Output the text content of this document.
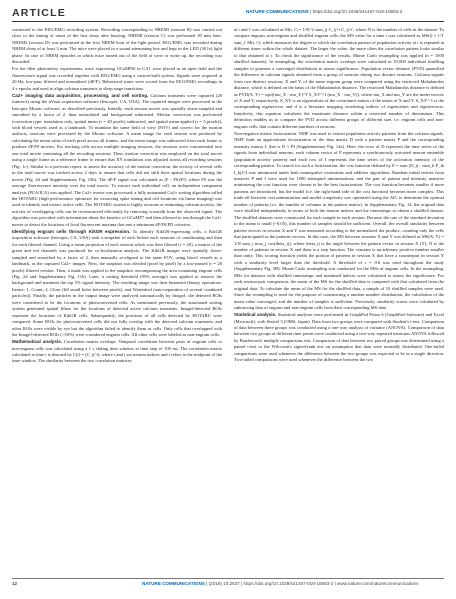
ARTICLE	NATURE COMMUNICATIONS | https://doi.org/10.1038/s41467-019-10683-2

connected to the EEG/EMG recording system. Recording corresponding to NREMl (session B) was carried out close to the timing of onset of the first sleep after burying. NREMl (session C) was performed 30 min later; NREM3 (session D) was performed in the first NREM bout of the light period. EEG/EMG was recorded during NREM sleep of at least 3 min. The mice were placed in a sound attenuating box and kept in the LED (30 lx) light phase. In case of NREM episodes in which mice turned out of the field of view or woke up, the recording was discarded.

For the fiber photometry experiments, mice expressing GCaMP6f in CA1 were placed in an open field and the fluorescence signal was recorded together with EEG/EMG using a custom-built system. Signals were acquired at 20 Hz, low-pass filtered and normalized (dF/F). Behavioral states were scored from the EEG/EMG recordings in 4-s epochs and used to align calcium transients to sleep stage transitions.

Ca2+ imaging data acquisition, processing, and cell sorting. Calcium transients were captured (20 frames/s) using the nVista acquisition software (Inscopix, CA, USA). The captured images were processed in the Inscopix Mosaic software, as described previously. Initially, each session movie was spatially down-sampled and smoothed by a factor of 2, then normalized and background subtracted. Motion correction was performed (correction type: translation only, spatial mean (r = 20 pixels) subtracted, and spatial mean applied (r = 5 pixels)), with blood vessels used as a landmark. To maintain the same field of view (FOV) and correct for the motion artifacts, sessions were processed by the Mosaic software. A mean image for each session was produced by calculating the mean value of each pixel across all frames, and the mean image was subtracted from each frame to produce dF/F0 movies. For tracking cells across multiple imaging sessions, the sessions were concatenated into one total movie containing all the recording sessions. Then, motion correction was employed on the total movie using a single frame as a reference frame to ensure that XY translation was adjusted across all recording sessions (Fig. 1c). Similar to a previous report, to assess the accuracy of the motion correction, the activity of several cells in the total movie was tracked across 2 days to ensure that cells did not shift their spatial locations during the movie (Fig. 2d and Supplementary Fig. 10b). The dF/F signal was calculated as (F - F0)/F0, where F0 was the average fluorescence intensity over the total movie. To extract each individual cell, an independent component analysis (PCA/ICA) was applied. The Ca2+ movie was processed; a fully automated Ca2+ sorting algorithm called the HOTARU (high-performance optimizer for extracting spike timing and cell locations via linear imaging) was used to identify and extract active cells. The HOTARU system is highly accurate at estimating calcium activity; the activity of overlapping cells can be reconstructed efficiently by removing crosstalk from the observed signal. The algorithm was provided with information about the kinetics of GCaMP7 and then allowed to run through the Ca2+ movie to detect the locations of local fluorescent maxima that met a minimum dF/F0/PD criterion.

Identifying engram cells through KikGR expression. To identify KikGR-expressing cells, a KikGR acquisition software (Inscopix, CA, USA) took a snapshot of each before each sessions of conditioning and then for each filtered channel. Using a mean projection of each session which was then filtered (r = 20), a matrix of the green and red channels was produced for co-localization analysis. The KikGR images were spatially down-sampled and smoothed by a factor of 2, then manually re-aligned to the same FOV, using blood vessels as a landmark, as the captured Ca2+ images. Next, the snapshot was divided (pixel by pixel) by a low-passed (r = 20 pixels) filtered version. Then, a mask was applied to the snapshot, encompassing the area containing engram cells (Fig. 2d and Supplementary Fig. 11b). Later, a cutting threshold (95% average) was applied to remove the background and maintain the top 5% signal intensity. The resulting image was then binarized (binary operations: Iterate; 1, Count; 2, Close (fill small holes between pixels), and Watershed (auto-separation of several combined particles)). Finally, the particles in the output image were analyzed automatically by ImageJ; the detected ROIs were considered to be the locations of photoconverted cells. As mentioned previously, the automated sorting system generated spatial filters for the locations of detected active calcium transients. ImageJ-detected ROIs represent the locations of KikGR cells. Subsequently, the positions of all cells detected by HOTARU were compared. Some ROIs for photoconverted cells did not fully overlap with the detected calcium transients, and other ROIs were visible by eye but the algorithm failed to identify them as cells. Only cells that overlapped with the ImageJ-detected ROIs (>50%) were considered engram cells. All other cells were labeled as non-engram cells.

Mathematical analysis. Correlation matrix overlaps. Temporal correlation between pairs of engram cells or non-engram cells was calculated using a 1 s sliding time window at time step of 100 ms. The correlation matrix calculated at time t is denoted by C(t) = (C_ij^t), where i and j are neuron indices and t refers to the midpoint of the time window. The similarity between the two correlation matrices

at t and t' was calculated as M(t, t') = 1/N^2 sum_ij C_ij^t C_ij^t', where N is the number of cells in the dataset. To compare engram, non-engram and shuffled engram cells, the MS value for a time t was calculated as MS(t) = 1/T sum_t' M(t, t'), which measures the degree to which the correlation pattern of population activity at t is repeated at different times within the whole dataset. The larger the value, the more often the correlation pattern looks similar to that obtained at t. To check the significance of the results, Monte Carlo resampling was applied (n = 1000 shuffled datasets). In resampling, the correlation matrix overlaps were calculated in 10,000 individual shuffling samples to generate a converged distribution to assess significance. Population vector distance (PVD) quantified the difference in calcium signals obtained from a group of neurons during two distinct sessions. Calcium signals from two-distinct sessions, X and Y, of the same engram group were compared using the restricted Mahalanobis distance, which is defined on the basis of the Mahalanobis distance. The restricted Mahalanobis distance is defined as PVD(X, Y) = sqrt((mu_X - mu_Y)^T S_XY^-1 (mu_X - mu_Y)), where mu_X and mu_Y are the mean vectors of X and Y, respectively, S_XY is an eigenvalues of the covariance matrix of the union of X and Y. S_XY^-1 is the corresponding eigenvector and d is a bivariate mapping reordering indices of eigenvalues and eigenvectors. Intuitively, this equation calculates the maximum distance within a restricted number of dimensions. This definition enables us to compare the PVD across different groups of different size, i.e. engram cells and non-engram cells, that contain different numbers of neurons.

Non-negative matrix factorization. NMF was used to extract population activity patterns from the calcium signals. NMF finds an approximate factorization of the data matrix D with a pattern matrix P and the corresponding intensity matrix I, that is D ≈ PI (Supplementary Fig. 14a). Here, the rows of D represent the time series of the signals from individual neurons, each column vector of P represents a synchronously activated neuron ensemble (population activity pattern) and each row of I represents the time series of the activation intensity of the corresponding pattern. To search for such a factorization, the cost function defined by E = sum (D_ij - sum_k P_ik I_kj)^2 was minimized under both nonnegative constraints and additive algorithms. Random initial entries from matrices P and I were used for 1000 attempted minimizations, and the pair of pattern and intensity matrices minimizing the cost function were chosen to be the best factorization. The cost function becomes smaller if more patterns are introduced, but the model (i.e. the right-hand side of the cost function) becomes more complex. This trade-off between cost minimization and model complexity was optimized using the AIC to determine the optimal number of patterns (i.e. the number of columns in the pattern matrix). In Supplementary Fig. 14, the original data were shuffled independently in terms of both the neuron indices and the timestamps to obtain a shuffled dataset. The shuffled datasets were constructed for each sample in each session. Because the rate of the standard deviation to the mean is small (~0.05), this number of samples should be sufficient. Overall, the overall similarity between pattern vectors in session X and Y was measured according to the normalized dot product, counting only the cells that participated as the patterns vectors. In this case, the MS between sessions X and Y was defined as MS(X, Y) = 1/N sum_i max_j cos(theta_ij), where theta_ij is the angle between the pattern vector in session X (Y), N is the number of patterns in session X and theta is a step function. The constant is an arbitrary positive number smaller than unity. This scoring function yields the portion of patterns in session X that have a counterpart in session Y with a similarity level larger than the threshold. A threshold of c = 0.6 was used throughout the study (Supplementary Fig. 5B). Monte Carlo resampling was conducted for the MSs of engram cells. In the resampling, MSs for datasets with shuffled timestamps and nontimed indices were calculated to assess the significance. For each session-pair comparison, the mean of the MS for the shuffled data is compared with that calculated from the original data. To calculate the mean of the MS for the shuffled data, a sample of 10 shuffled samples were used. Since the resampling is used for the purpose of constructing a random number distribution, the calculation of the mean value converged, and the number of samples is sufficient. Previously, similarity scores were calculated by subtracting data of engram and non-engram cells from their corresponding MS data.

Statistical analysis. Statistical analyses were performed in GraphPad Prism 6 (GraphPad Software) and Excel (Microsoft), with Statcel 3 (OMS, Japan). Data from two groups were compared with Student's t-test. Comparison of data between three groups was conducted using a one-way analysis of variance (ANOVA). Comparison of data between two groups at different time points were conducted using a two-way repeated measures ANOVA followed by Bonferroni's multiple comparisons test. Comparison of data between two paired groups was determined using a paired t-test or the Wilcoxon's signed-rank test on assumption that data were normally distributed. One-tailed comparisons were used whenever the difference between the two groups was expected to be in a single direction. Two-tailed comparisons were used whenever the difference between the two

12	NATURE COMMUNICATIONS | (2019) 10:2637 | https://doi.org/10.1038/s41467-019-10683-2 | www.nature.com/naturecommunications
